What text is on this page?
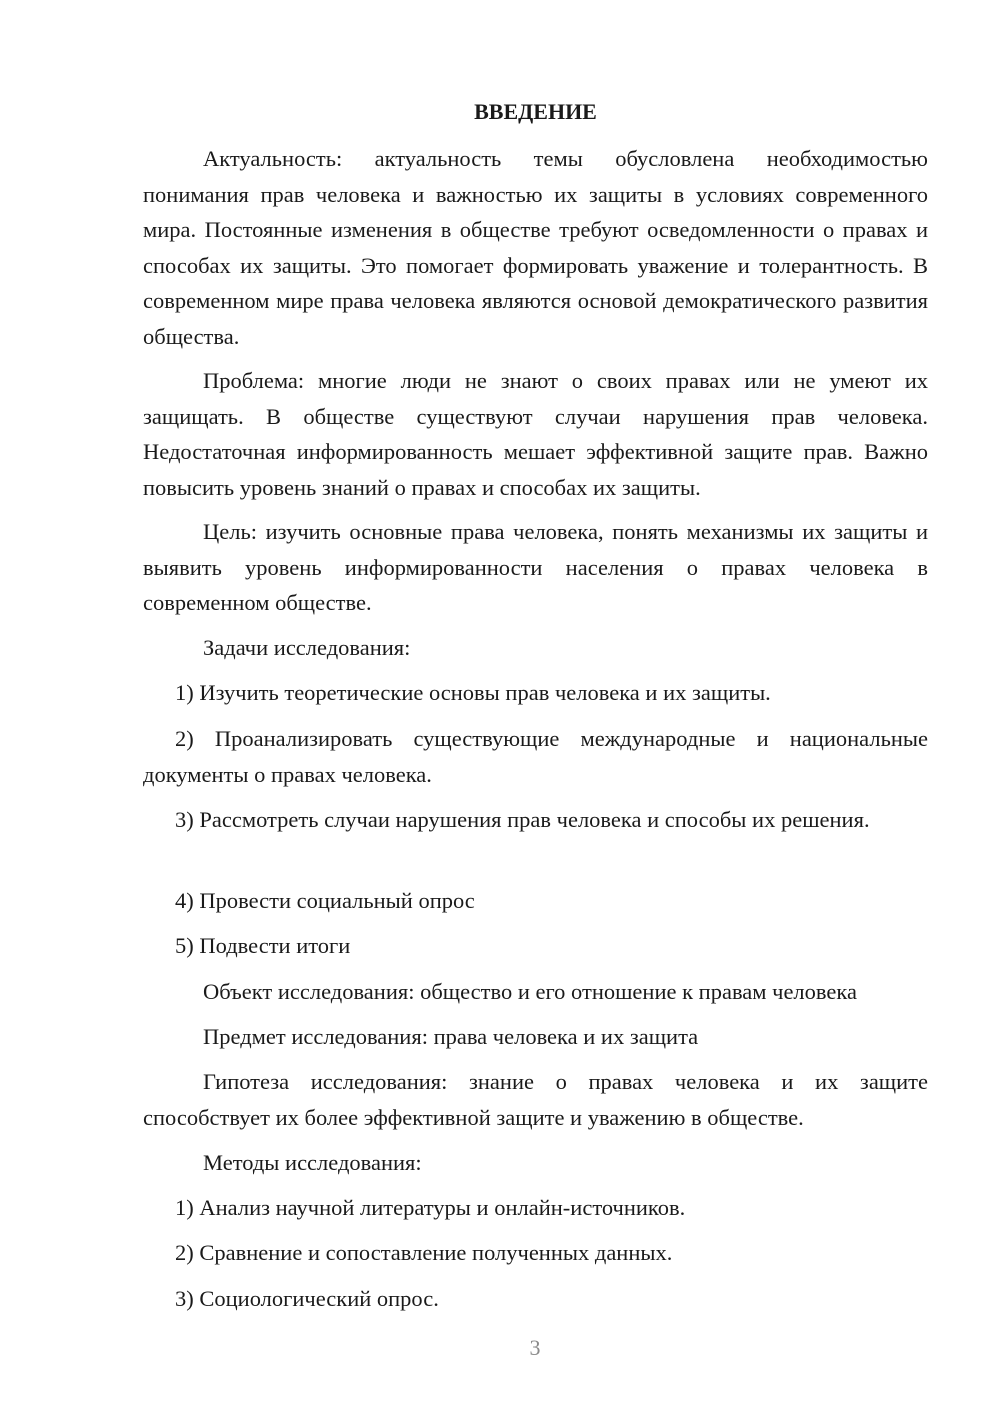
ВВЕДЕНИЕ

Актуальность: актуальность темы обусловлена необходимостью понимания прав человека и важностью их защиты в условиях современного мира. Постоянные изменения в обществе требуют осведомленности о правах и способах их защиты. Это помогает формировать уважение и толерантность. В современном мире права человека являются основой демократического развития общества.

Проблема: многие люди не знают о своих правах или не умеют их защищать. В обществе существуют случаи нарушения прав человека. Недостаточная информированность мешает эффективной защите прав. Важно повысить уровень знаний о правах и способах их защиты.

Цель: изучить основные права человека, понять механизмы их защиты и выявить уровень информированности населения о правах человека в современном обществе.

Задачи исследования:

1) Изучить теоретические основы прав человека и их защиты.

2) Проанализировать существующие международные и национальные документы о правах человека.

3) Рассмотреть случаи нарушения прав человека и способы их решения.

4) Провести социальный опрос

5) Подвести итоги

Объект исследования: общество и его отношение к правам человека

Предмет исследования: права человека и их защита

Гипотеза исследования: знание о правах человека и их защите способствует их более эффективной защите и уважению в обществе.

Методы исследования:

1) Анализ научной литературы и онлайн-источников.

2) Сравнение и сопоставление полученных данных.

3) Социологический опрос.

3
